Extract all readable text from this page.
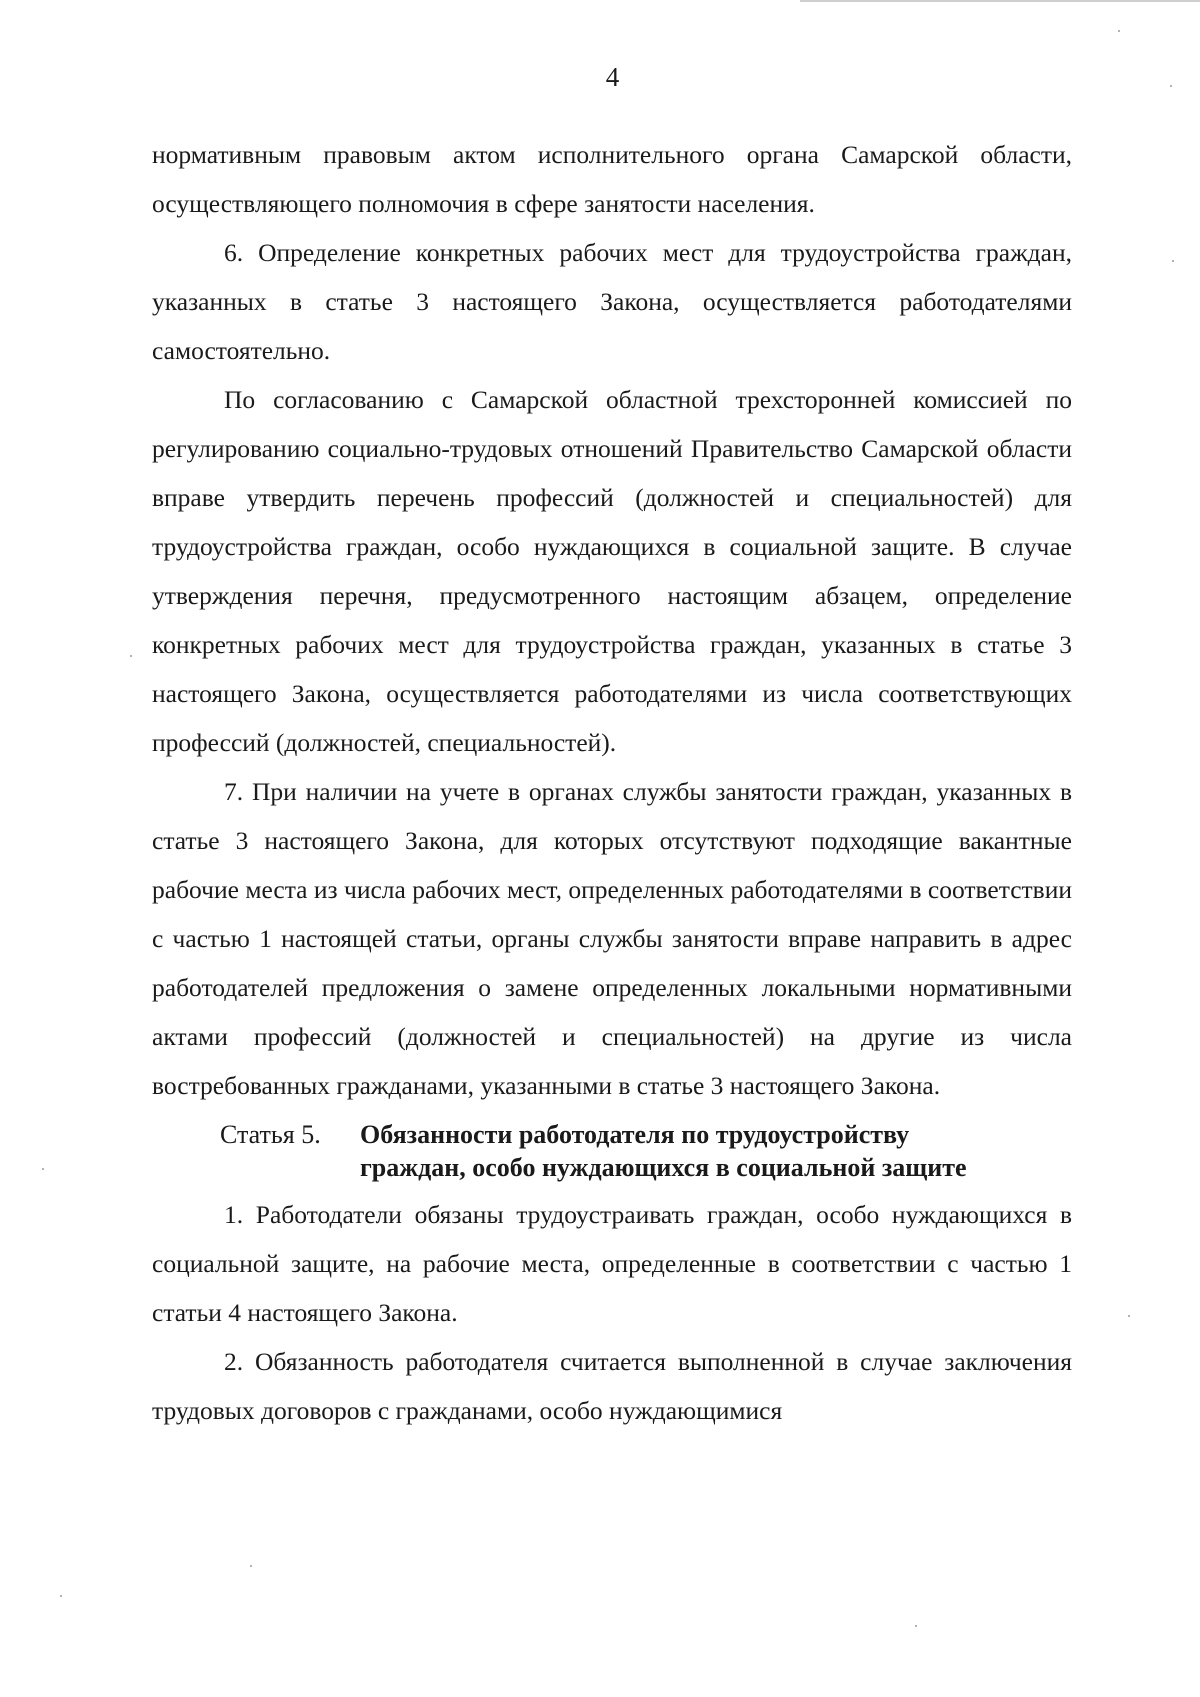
4

нормативным правовым актом исполнительного органа Самарской области, осуществляющего полномочия в сфере занятости населения.

6. Определение конкретных рабочих мест для трудоустройства граждан, указанных в статье 3 настоящего Закона, осуществляется работодателями самостоятельно.

По согласованию с Самарской областной трехсторонней комиссией по регулированию социально-трудовых отношений Правительство Самарской области вправе утвердить перечень профессий (должностей и специальностей) для трудоустройства граждан, особо нуждающихся в социальной защите. В случае утверждения перечня, предусмотренного настоящим абзацем, определение конкретных рабочих мест для трудоустройства граждан, указанных в статье 3 настоящего Закона, осуществляется работодателями из числа соответствующих профессий (должностей, специальностей).

7. При наличии на учете в органах службы занятости граждан, указанных в статье 3 настоящего Закона, для которых отсутствуют подходящие вакантные рабочие места из числа рабочих мест, определенных работодателями в соответствии с частью 1 настоящей статьи, органы службы занятости вправе направить в адрес работодателей предложения о замене определенных локальными нормативными актами профессий (должностей и специальностей) на другие из числа востребованных гражданами, указанными в статье 3 настоящего Закона.

Статья 5.	Обязанности работодателя по трудоустройству
граждан, особо нуждающихся в социальной защите

1. Работодатели обязаны трудоустраивать граждан, особо нуждающихся в социальной защите, на рабочие места, определенные в соответствии с частью 1 статьи 4 настоящего Закона.

2. Обязанность работодателя считается выполненной в случае заключения трудовых договоров с гражданами, особо нуждающимися
